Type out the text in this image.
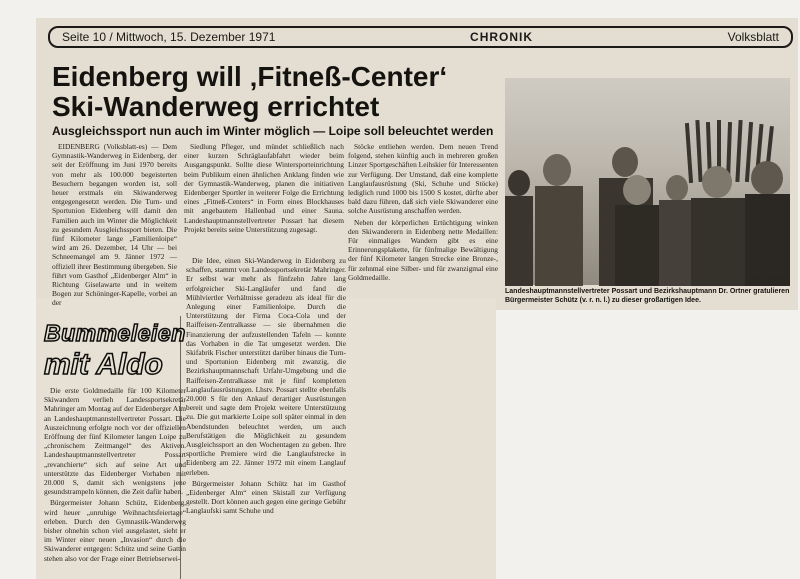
Seite 10 / Mittwoch, 15. Dezember 1971	CHRONIK	Volksblatt
Eidenberg will ‚Fitneß-Center‘
Ski-Wanderweg errichtet
Ausgleichssport nun auch im Winter möglich — Loipe soll beleuchtet werden

EIDENBERG (Volksblatt-es) — Dem Gymnastik-Wanderweg in Eidenberg, der seit der Eröffnung im Juni 1970 bereits von mehr als 100.000 begeisterten Besuchern begangen worden ist, soll heuer erstmals ein Skiwanderweg entgegengesetzt werden. Die Turn- und Sportunion Eidenberg will damit den Familien auch im Winter die Möglichkeit zu gesundem Ausgleichssport bieten. Die fünf Kilometer lange „Familienloipe“ wird am 26. Dezember, 14 Uhr — bei Schneemangel am 9. Jänner 1972 — offiziell ihrer Bestimmung übergeben. Sie führt vom Gasthof „Eidenberger Alm“ in Richtung Giselawarte und in weitem Bogen zur Schöninger-Kapelle, vorbei an der

Siedlung Pfleger, und mündet schließlich nach einer kurzen Schräglaufabfahrt wieder beim Ausgangspunkt. Sollte diese Wintersporteinrichtung beim Publikum einen ähnlichen Anklang finden wie der Gymnastik-Wanderweg, planen die initiativen Eidenberger Sportler in weiterer Folge die Errichtung eines „Fitneß-Centers“ in Form eines Blockhauses mit angebautem Hallenbad und einer Sauna. Landeshauptmannstellvertreter Possart hat diesem Projekt bereits seine Unterstützung zugesagt.

Stöcke entliehen werden. Dem neuen Trend folgend, stehen künftig auch in mehreren großen Linzer Sportgeschäften Leihskier für Interessenten zur Verfügung. Der Umstand, daß eine komplette Langlaufausrüstung (Ski, Schuhe und Stöcke) lediglich rund 1000 bis 1500 S kostet, dürfte aber bald dazu führen, daß sich viele Skiwanderer eine solche Ausrüstung anschaffen werden.

Neben der körperlichen Ertüchtigung winken den Skiwanderern in Eidenberg nette Medaillen: Für einmaliges Wandern gibt es eine Erinnerungsplakette, für fünfmalige Bewältigung der fünf Kilometer langen Strecke eine Bronze-, für zehnmal eine Silber- und für zwanzigmal eine Goldmedaille.

Die Idee, einen Ski-Wanderweg in Eidenberg zu schaffen, stammt von Landessportsekretär Mahringer. Er selbst war mehr als fünfzehn Jahre lang erfolgreicher Ski-Langläufer und fand die Mühlviertler Verhältnisse geradezu als ideal für die Anlegung einer Familienloipe. Durch die Unterstützung der Firma Coca-Cola und der Raiffeisen-Zentralkasse — sie übernahmen die Finanzierung der aufzustellenden Tafeln — konnte das Vorhaben in die Tat umgesetzt werden. Die Skifabrik Fischer unterstützt darüber hinaus die Turn- und Sportunion Eidenberg mit zwanzig, die Bezirkshauptmannschaft Urfahr-Umgebung und die Raiffeisen-Zentralkasse mit je fünf kompletten Langlaufausrüstungen. Lhstv. Possart stellte ebenfalls 20.000 S für den Ankauf derartiger Ausrüstungen bereit und sagte dem Projekt weitere Unterstützung zu. Die gut markierte Loipe soll später einmal in den Abendstunden beleuchtet werden, um auch Berufstätigen die Möglichkeit zu gesundem Ausgleichssport an den Wochentagen zu geben. Ihre sportliche Premiere wird die Langlaufstrecke in Eidenberg am 22. Jänner 1972 mit einem Langlauf erleben.

Bürgermeister Johann Schütz hat im Gasthof „Eidenberger Alm“ einen Skistall zur Verfügung gestellt. Dort können auch gegen eine geringe Gebühr Langlaufski samt Schuhe und

Foto: Volksblatt
Landeshauptmannstellvertreter Possart und Bezirkshauptmann Dr. Ortner gratulieren Bürgermeister Schütz (v. r. n. l.) zu dieser großartigen Idee.
Bummeleien
mit Aldo

Die erste Goldmedaille für 100 Kilometer Skiwandern verlieh Landessportsekretär Mahringer am Montag auf der Eidenberger Alm an Landeshauptmannstellvertreter Possart. Die Auszeichnung erfolgte noch vor der offiziellen Eröffnung der fünf Kilometer langen Loipe zu „chronischem Zeitmangel“ des Aktiven. Landeshauptmannstellvertreter Possart „revanchierte“ sich auf seine Art und unterstützte das Eidenberger Vorhaben mit 20.000 S, damit sich wenigstens jene gesundstrampeln können, die Zeit dafür haben.

Bürgermeister Johann Schütz, Eidenberg, wird heuer „unruhige Weihnachtsfeiertage“ erleben. Durch den Gymnastik-Wanderweg bisher ohnehin schon viel ausgelastet, sieht er im Winter einer neuen „Invasion“ durch die Skiwanderer entgegen: Schütz und seine Gattin stehen also vor der Frage einer Betriebserwei-
